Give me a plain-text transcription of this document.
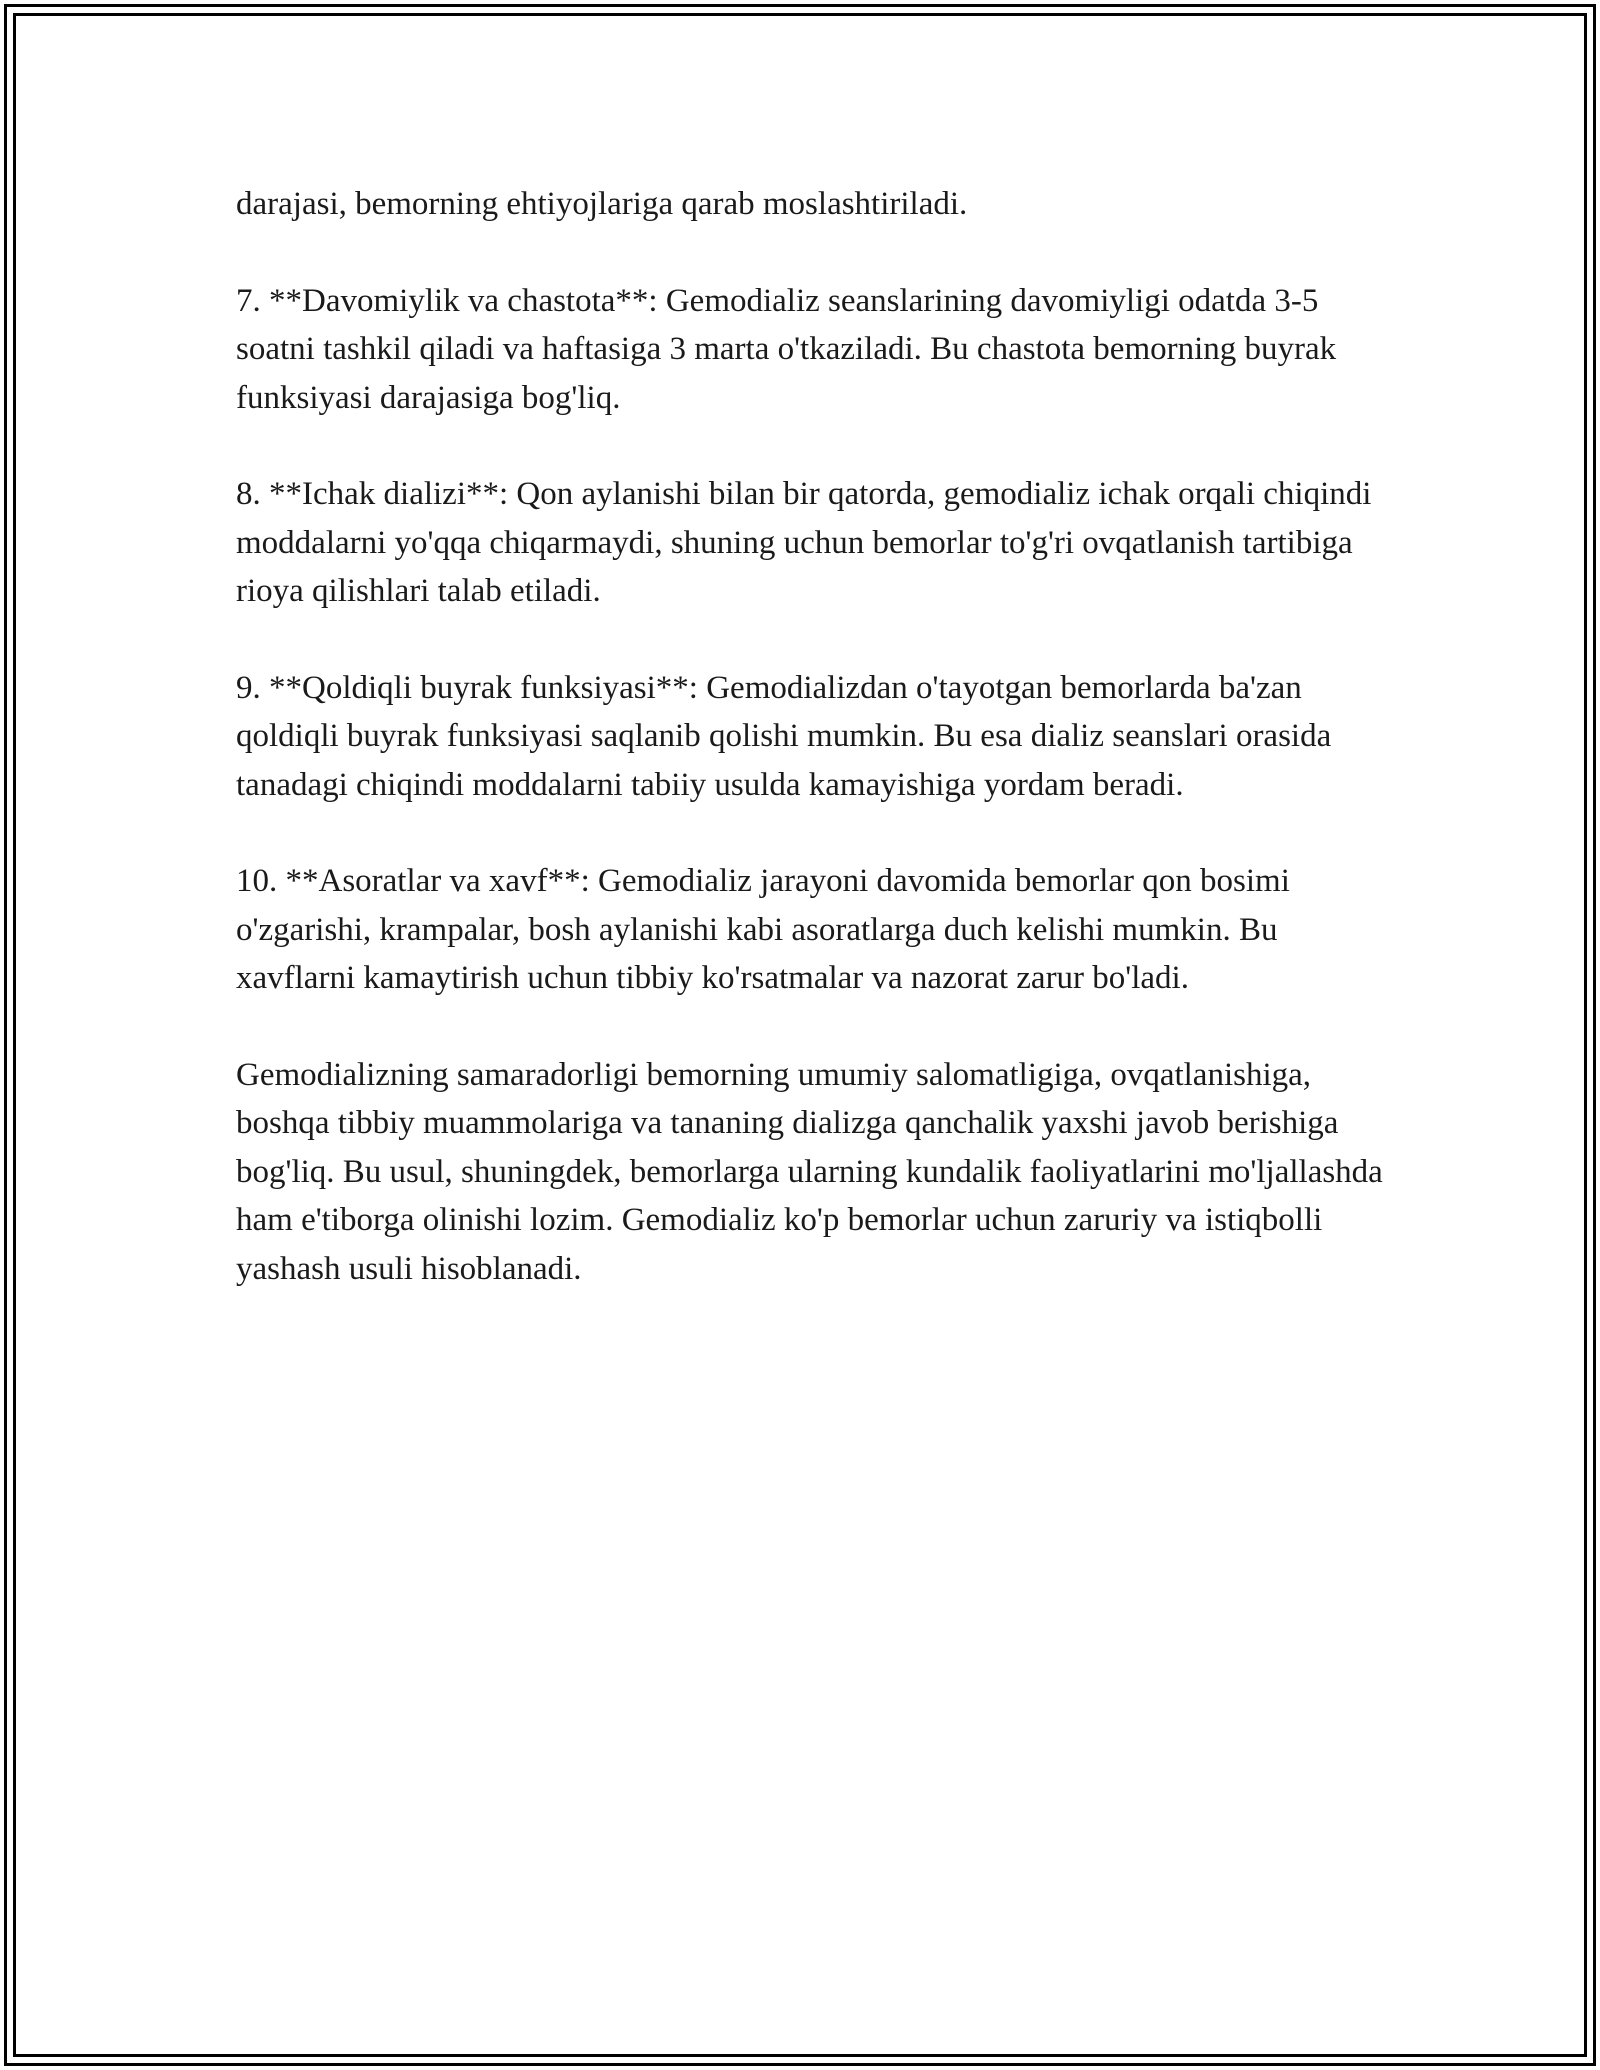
darajasi, bemorning ehtiyojlariga qarab moslashtiriladi.

7. **Davomiylik va chastota**: Gemodializ seanslarining davomiyligi odatda 3-5 soatni tashkil qiladi va haftasiga 3 marta o'tkaziladi. Bu chastota bemorning buyrak funksiyasi darajasiga bog'liq.

8. **Ichak dializi**: Qon aylanishi bilan bir qatorda, gemodializ ichak orqali chiqindi moddalarni yo'qqa chiqarmaydi, shuning uchun bemorlar to'g'ri ovqatlanish tartibiga rioya qilishlari talab etiladi.

9. **Qoldiqli buyrak funksiyasi**: Gemodializdan o'tayotgan bemorlarda ba'zan qoldiqli buyrak funksiyasi saqlanib qolishi mumkin. Bu esa dializ seanslari orasida tanadagi chiqindi moddalarni tabiiy usulda kamayishiga yordam beradi.

10. **Asoratlar va xavf**: Gemodializ jarayoni davomida bemorlar qon bosimi o'zgarishi, krampalar, bosh aylanishi kabi asoratlarga duch kelishi mumkin. Bu xavflarni kamaytirish uchun tibbiy ko'rsatmalar va nazorat zarur bo'ladi.

Gemodializning samaradorligi bemorning umumiy salomatligiga, ovqatlanishiga, boshqa tibbiy muammolariga va tananing dializga qanchalik yaxshi javob berishiga bog'liq. Bu usul, shuningdek, bemorlarga ularning kundalik faoliyatlarini mo'ljallashda ham e'tiborga olinishi lozim. Gemodializ ko'p bemorlar uchun zaruriy va istiqbolli yashash usuli hisoblanadi.
